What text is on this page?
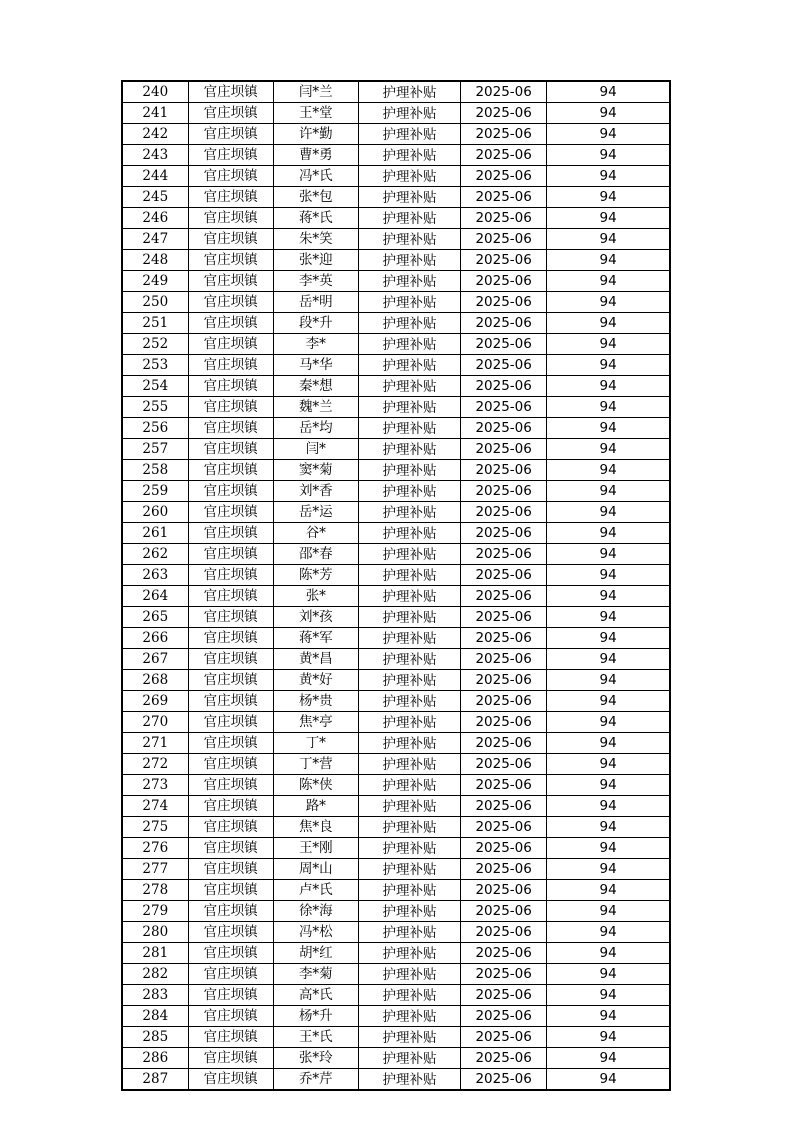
240	官庄坝镇	闫*兰	护理补贴	2025-06	94
241	官庄坝镇	王*堂	护理补贴	2025-06	94
242	官庄坝镇	许*勤	护理补贴	2025-06	94
243	官庄坝镇	曹*勇	护理补贴	2025-06	94
244	官庄坝镇	冯*氏	护理补贴	2025-06	94
245	官庄坝镇	张*包	护理补贴	2025-06	94
246	官庄坝镇	蒋*氏	护理补贴	2025-06	94
247	官庄坝镇	朱*笑	护理补贴	2025-06	94
248	官庄坝镇	张*迎	护理补贴	2025-06	94
249	官庄坝镇	李*英	护理补贴	2025-06	94
250	官庄坝镇	岳*明	护理补贴	2025-06	94
251	官庄坝镇	段*升	护理补贴	2025-06	94
252	官庄坝镇	李*	护理补贴	2025-06	94
253	官庄坝镇	马*华	护理补贴	2025-06	94
254	官庄坝镇	秦*想	护理补贴	2025-06	94
255	官庄坝镇	魏*兰	护理补贴	2025-06	94
256	官庄坝镇	岳*均	护理补贴	2025-06	94
257	官庄坝镇	闫*	护理补贴	2025-06	94
258	官庄坝镇	窦*菊	护理补贴	2025-06	94
259	官庄坝镇	刘*香	护理补贴	2025-06	94
260	官庄坝镇	岳*运	护理补贴	2025-06	94
261	官庄坝镇	谷*	护理补贴	2025-06	94
262	官庄坝镇	邵*春	护理补贴	2025-06	94
263	官庄坝镇	陈*芳	护理补贴	2025-06	94
264	官庄坝镇	张*	护理补贴	2025-06	94
265	官庄坝镇	刘*孩	护理补贴	2025-06	94
266	官庄坝镇	蒋*军	护理补贴	2025-06	94
267	官庄坝镇	黄*昌	护理补贴	2025-06	94
268	官庄坝镇	黄*好	护理补贴	2025-06	94
269	官庄坝镇	杨*贵	护理补贴	2025-06	94
270	官庄坝镇	焦*亭	护理补贴	2025-06	94
271	官庄坝镇	丁*	护理补贴	2025-06	94
272	官庄坝镇	丁*营	护理补贴	2025-06	94
273	官庄坝镇	陈*侠	护理补贴	2025-06	94
274	官庄坝镇	路*	护理补贴	2025-06	94
275	官庄坝镇	焦*良	护理补贴	2025-06	94
276	官庄坝镇	王*刚	护理补贴	2025-06	94
277	官庄坝镇	周*山	护理补贴	2025-06	94
278	官庄坝镇	卢*氏	护理补贴	2025-06	94
279	官庄坝镇	徐*海	护理补贴	2025-06	94
280	官庄坝镇	冯*松	护理补贴	2025-06	94
281	官庄坝镇	胡*红	护理补贴	2025-06	94
282	官庄坝镇	李*菊	护理补贴	2025-06	94
283	官庄坝镇	高*氏	护理补贴	2025-06	94
284	官庄坝镇	杨*升	护理补贴	2025-06	94
285	官庄坝镇	王*氏	护理补贴	2025-06	94
286	官庄坝镇	张*玲	护理补贴	2025-06	94
287	官庄坝镇	乔*芹	护理补贴	2025-06	94
